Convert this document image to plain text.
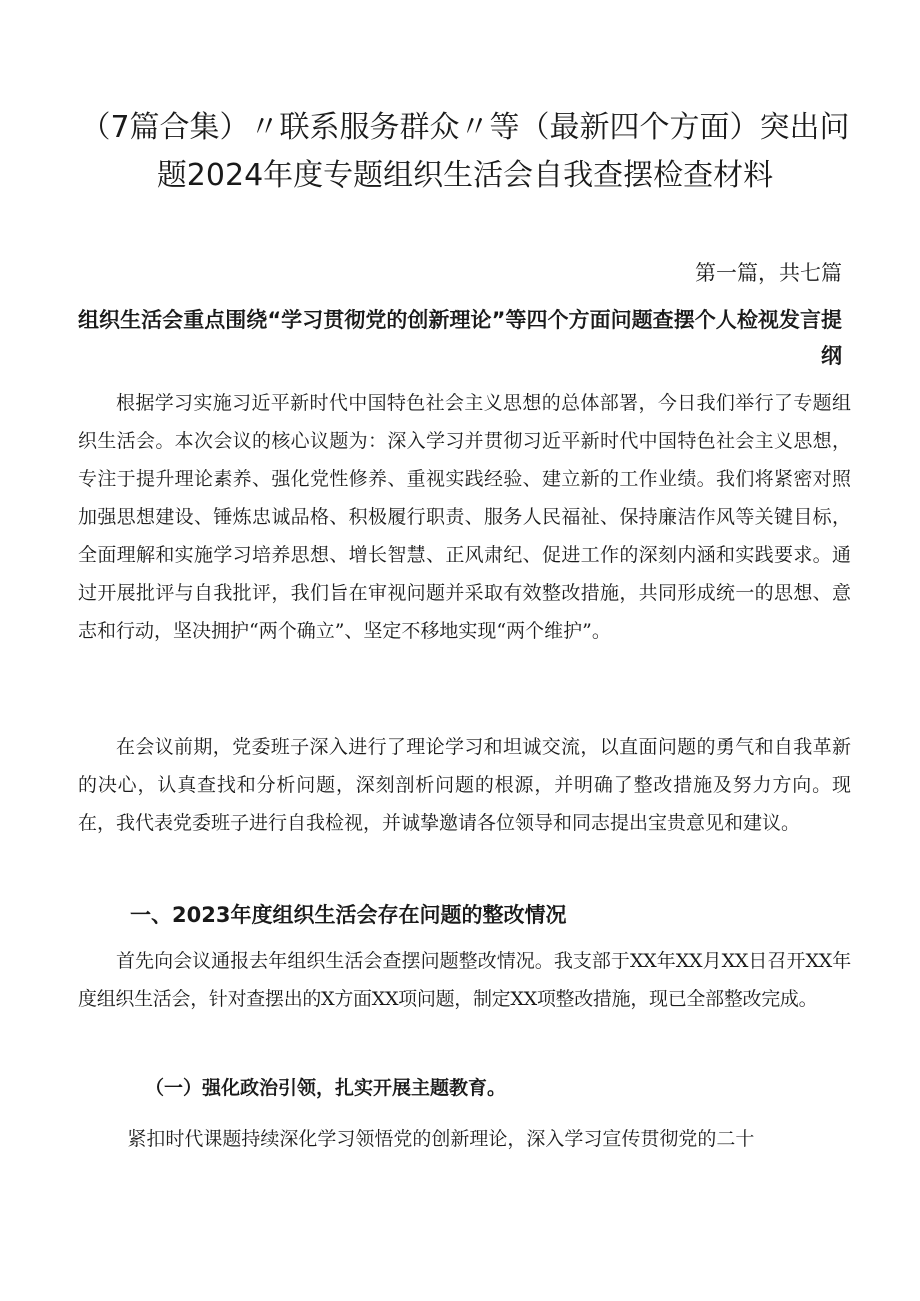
（7篇合集）〃联系服务群众〃等（最新四个方面）突出问题2024年度专题组织生活会自我查摆检查材料

第一篇，共七篇

组织生活会重点围绕“学习贯彻党的创新理论”等四个方面问题查摆个人检视发言提纲

根据学习实施习近平新时代中国特色社会主义思想的总体部署，今日我们举行了专题组织生活会。本次会议的核心议题为：深入学习并贯彻习近平新时代中国特色社会主义思想，专注于提升理论素养、强化党性修养、重视实践经验、建立新的工作业绩。我们将紧密对照加强思想建设、锤炼忠诚品格、积极履行职责、服务人民福祉、保持廉洁作风等关键目标，全面理解和实施学习培养思想、增长智慧、正风肃纪、促进工作的深刻内涵和实践要求。通过开展批评与自我批评，我们旨在审视问题并采取有效整改措施，共同形成统一的思想、意志和行动，坚决拥护“两个确立”、坚定不移地实现“两个维护”。

在会议前期，党委班子深入进行了理论学习和坦诚交流，以直面问题的勇气和自我革新的决心，认真查找和分析问题，深刻剖析问题的根源，并明确了整改措施及努力方向。现在，我代表党委班子进行自我检视，并诚挚邀请各位领导和同志提出宝贵意见和建议。

一、2023年度组织生活会存在问题的整改情况

首先向会议通报去年组织生活会查摆问题整改情况。我支部于XX年XX月XX日召开XX年度组织生活会，针对查摆出的X方面XX项问题，制定XX项整改措施，现已全部整改完成。

（一）强化政治引领，扎实开展主题教育。

紧扣时代课题持续深化学习领悟党的创新理论，深入学习宣传贯彻党的二十
